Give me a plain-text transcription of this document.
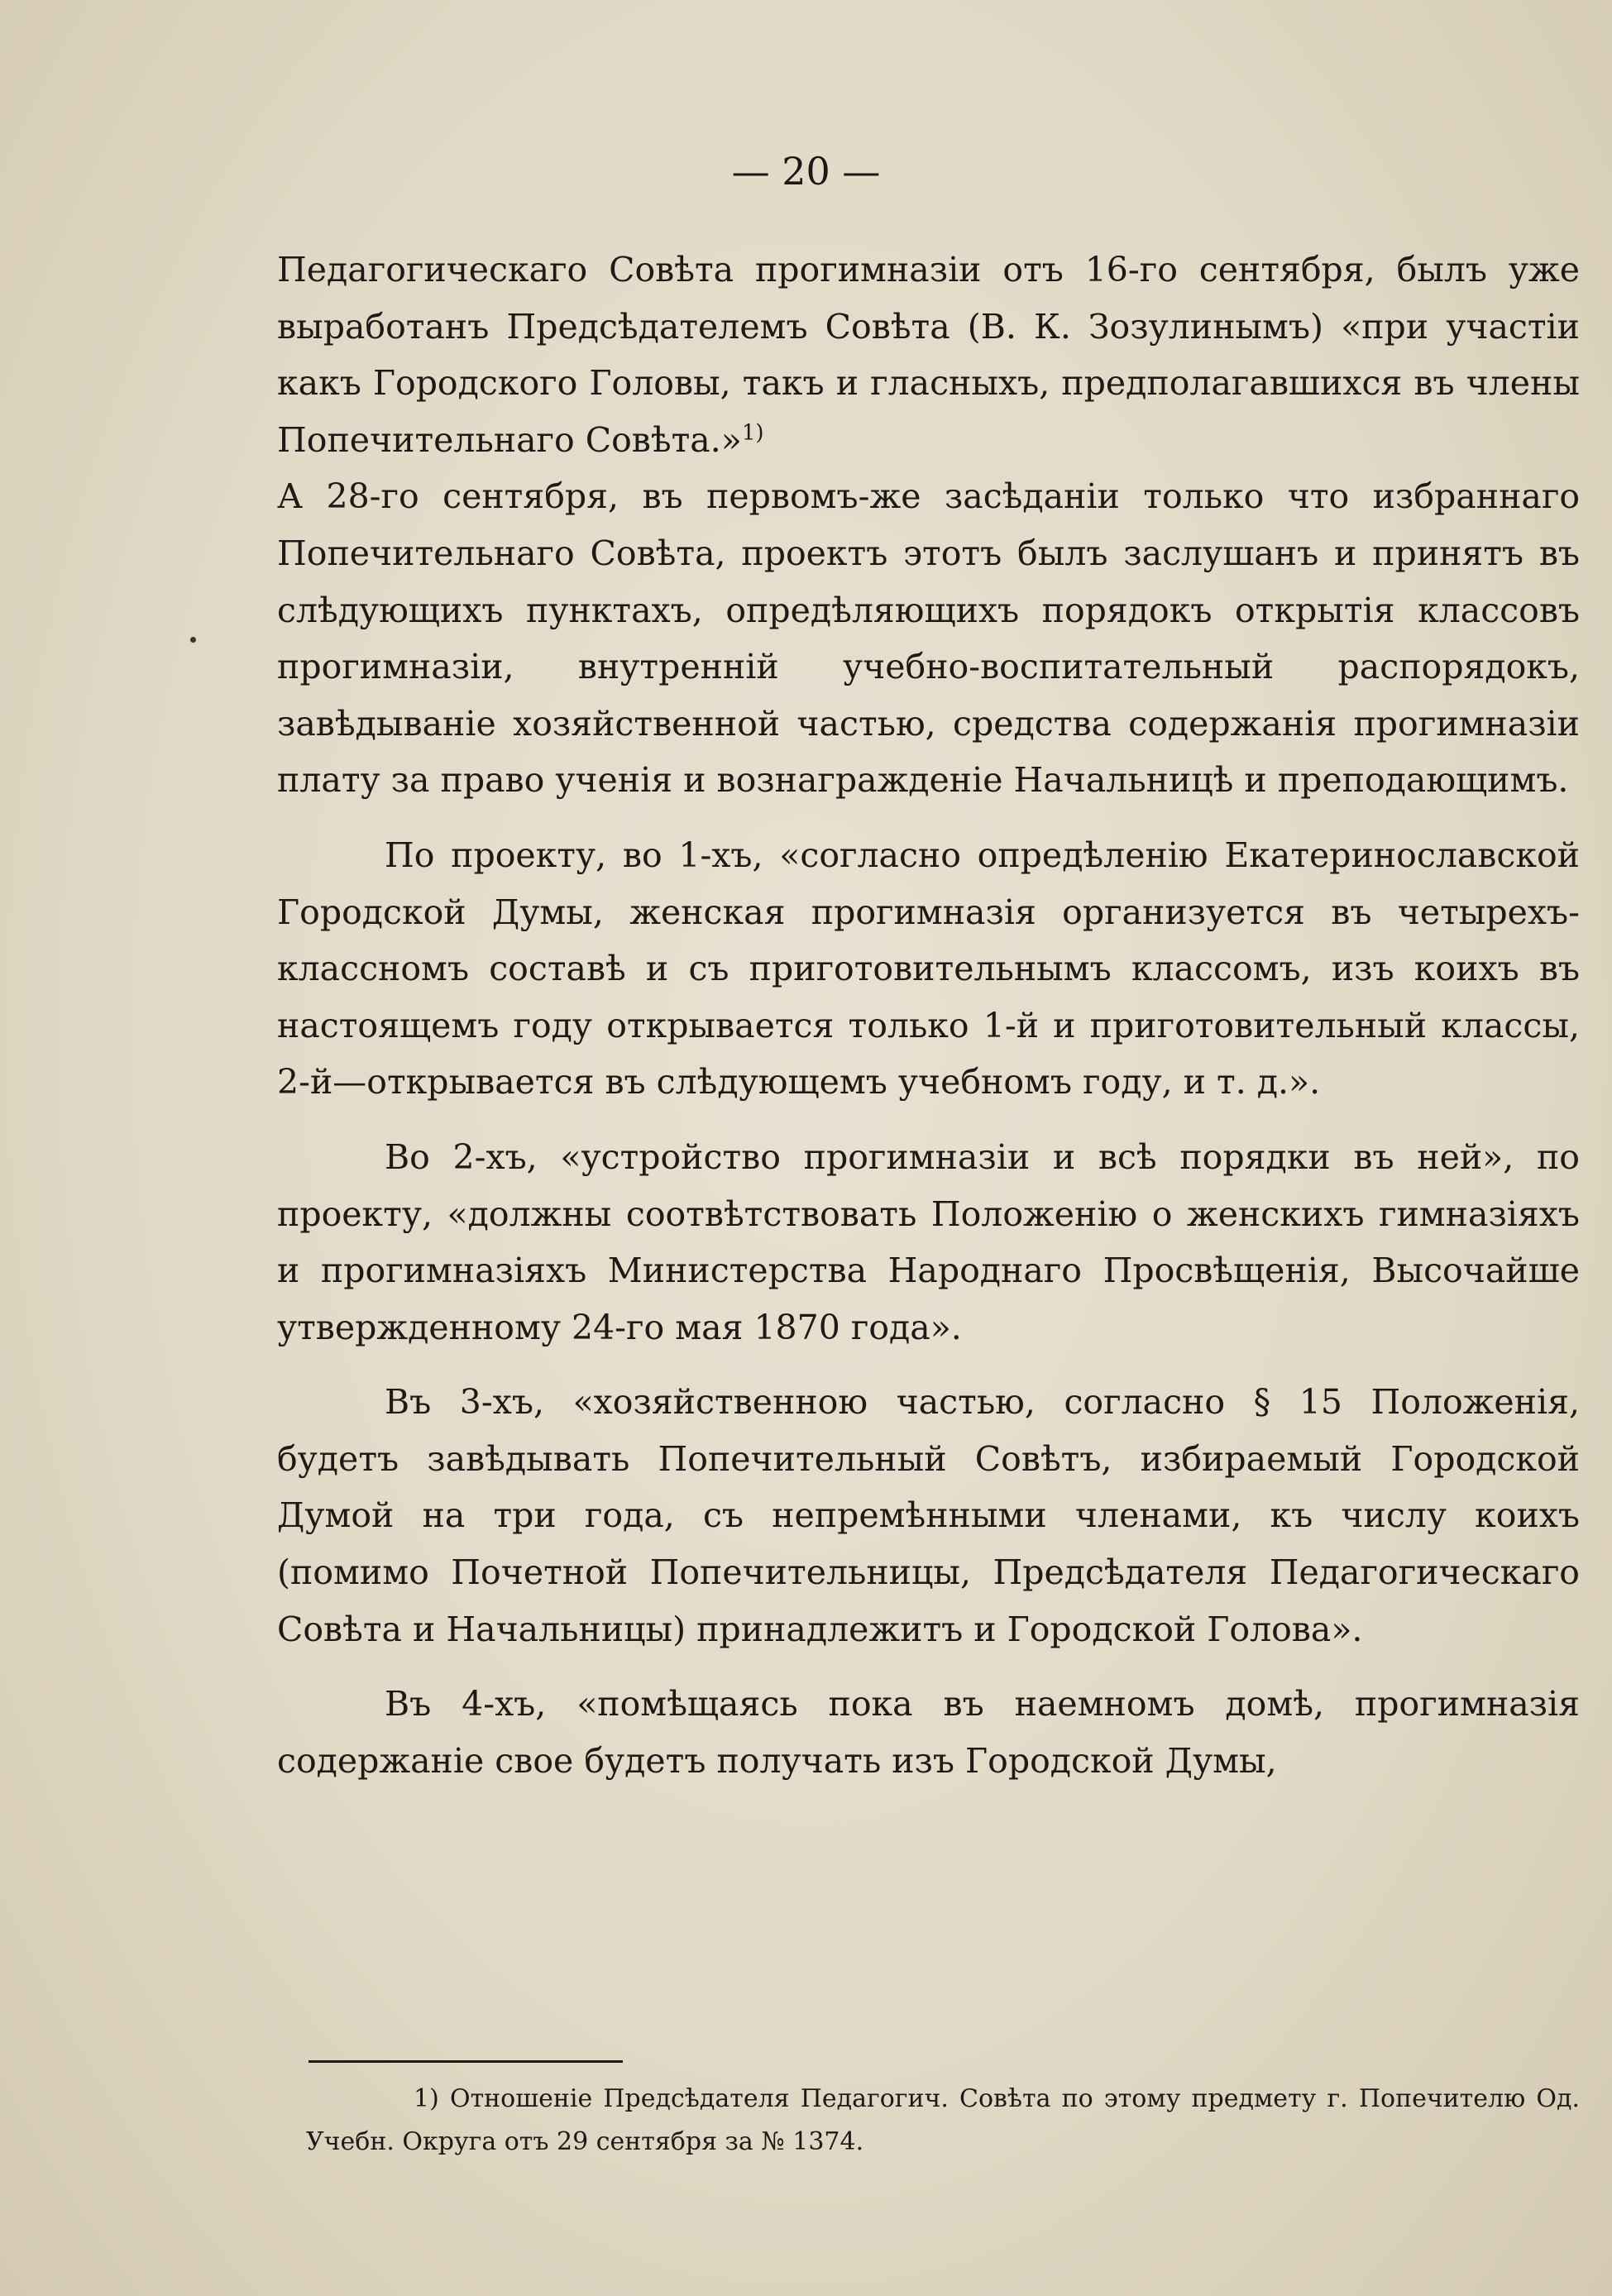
— 20 —

Педагогическаго Совѣта прогимназіи отъ 16-го сентября, былъ уже выработанъ Предсѣдателемъ Совѣта (В. К. Зозулинымъ) «при участіи какъ Городского Головы, такъ и гласныхъ, предполагавшихся въ члены Попечительнаго Совѣта.»$^{1)}$

А 28-го сентября, въ первомъ-же засѣданіи только что избраннаго Попечительнаго Совѣта, проектъ этотъ былъ заслушанъ и принятъ въ слѣдующихъ пунктахъ, опредѣляющихъ порядокъ открытія классовъ прогимназіи, внутренній учебно-воспитательный распорядокъ, завѣдываніе хозяйственной частью, средства содержанія прогимназіи плату за право ученія и вознагражденіе Начальницѣ и преподающимъ.

По проекту, во 1-хъ, «согласно опредѣленію Екатеринославской Городской Думы, женская прогимназія организуется въ четырехъ-классномъ составѣ и съ приготовительнымъ классомъ, изъ коихъ въ настоящемъ году открывается только 1-й и приготовительный классы, 2-й—открывается въ слѣдующемъ учебномъ году, и т. д.».

Во 2-хъ, «устройство прогимназіи и всѣ порядки въ ней», по проекту, «должны соотвѣтствовать Положенію о женскихъ гимназіяхъ и прогимназіяхъ Министерства Народнаго Просвѣщенія, Высочайше утвержденному 24-го мая 1870 года».

Въ 3-хъ, «хозяйственною частью, согласно § 15 Положенія, будетъ завѣдывать Попечительный Совѣтъ, избираемый Городской Думой на три года, съ непремѣнными членами, къ числу коихъ (помимо Почетной Попечительницы, Предсѣдателя Педагогическаго Совѣта и Начальницы) принадлежитъ и Городской Голова».

Въ 4-хъ, «помѣщаясь пока въ наемномъ домѣ, прогимназія содержаніе свое будетъ получать изъ Городской Думы,

1) Отношеніе Предсѣдателя Педагогич. Совѣта по этому предмету г. Попечителю Од. Учебн. Округа отъ 29 сентября за № 1374.
